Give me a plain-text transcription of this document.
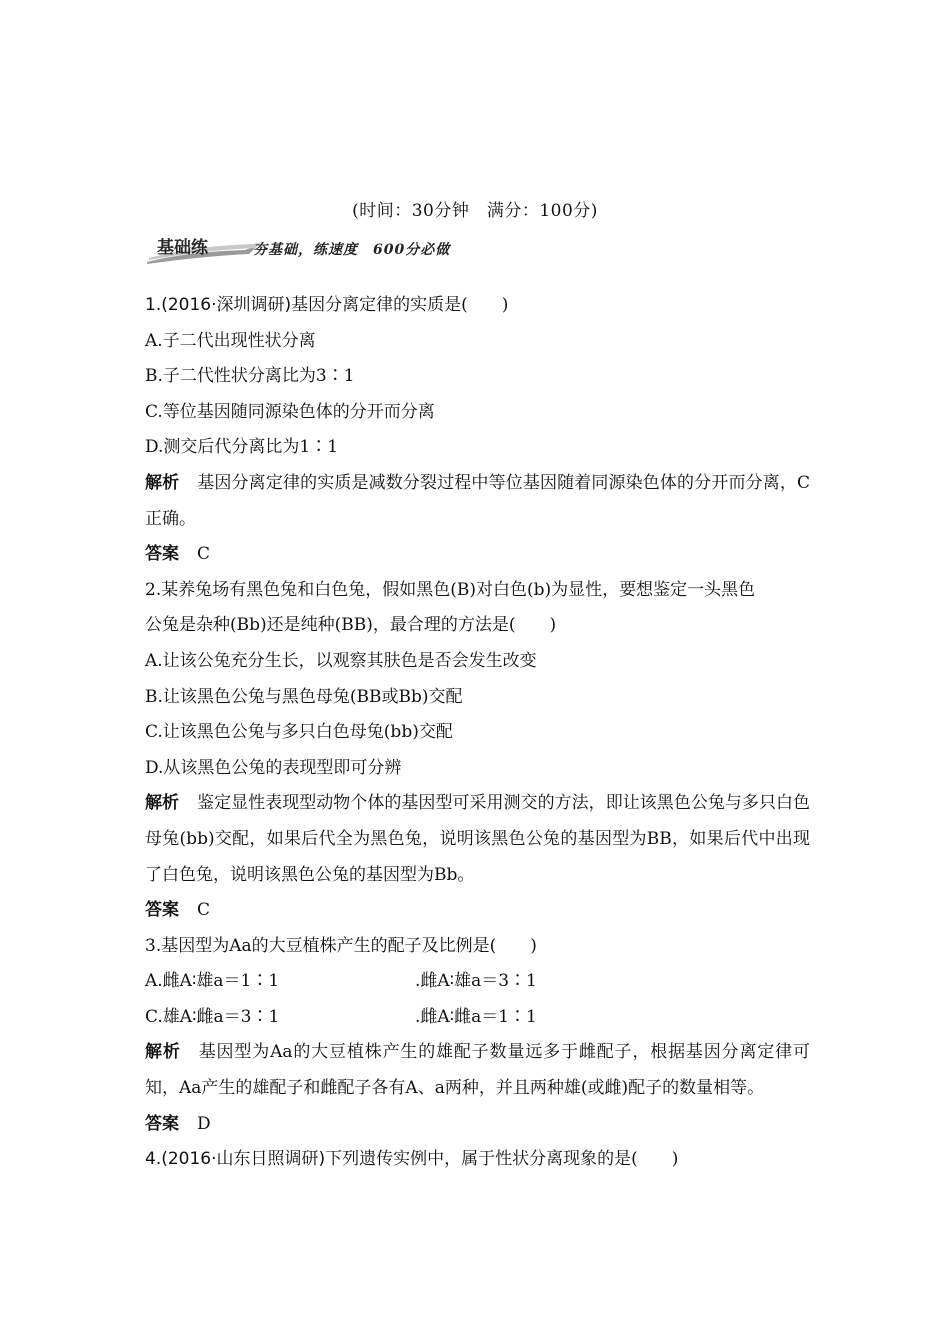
(时间：30分钟　满分：100分)
基础练	夯基础，练速度　600分必做
1.(2016·深圳调研)基因分离定律的实质是(　　)
A.子二代出现性状分离
B.子二代性状分离比为3∶1
C.等位基因随同源染色体的分开而分离
D.测交后代分离比为1∶1
解析 基因分离定律的实质是减数分裂过程中等位基因随着同源染色体的分开而分离，C正确。
答案 C
2.某养兔场有黑色兔和白色兔，假如黑色(B)对白色(b)为显性，要想鉴定一头黑色
公兔是杂种(Bb)还是纯种(BB)，最合理的方法是(　　)
A.让该公兔充分生长，以观察其肤色是否会发生改变
B.让该黑色公兔与黑色母兔(BB或Bb)交配
C.让该黑色公兔与多只白色母兔(bb)交配
D.从该黑色公兔的表现型即可分辨
解析 鉴定显性表现型动物个体的基因型可采用测交的方法，即让该黑色公兔与多只白色母兔(bb)交配，如果后代全为黑色兔，说明该黑色公兔的基因型为BB，如果后代中出现了白色兔，说明该黑色公兔的基因型为Bb。
答案 C
3.基因型为Aa的大豆植株产生的配子及比例是(　　)
A.雌A∶雄a＝1∶1	.雌A∶雄a＝3∶1
C.雄A∶雌a＝3∶1	.雌A∶雌a＝1∶1
解析 基因型为Aa的大豆植株产生的雄配子数量远多于雌配子，根据基因分离定律可知，Aa产生的雄配子和雌配子各有A、a两种，并且两种雄(或雌)配子的数量相等。
答案 D
4.(2016·山东日照调研)下列遗传实例中，属于性状分离现象的是(　　)
